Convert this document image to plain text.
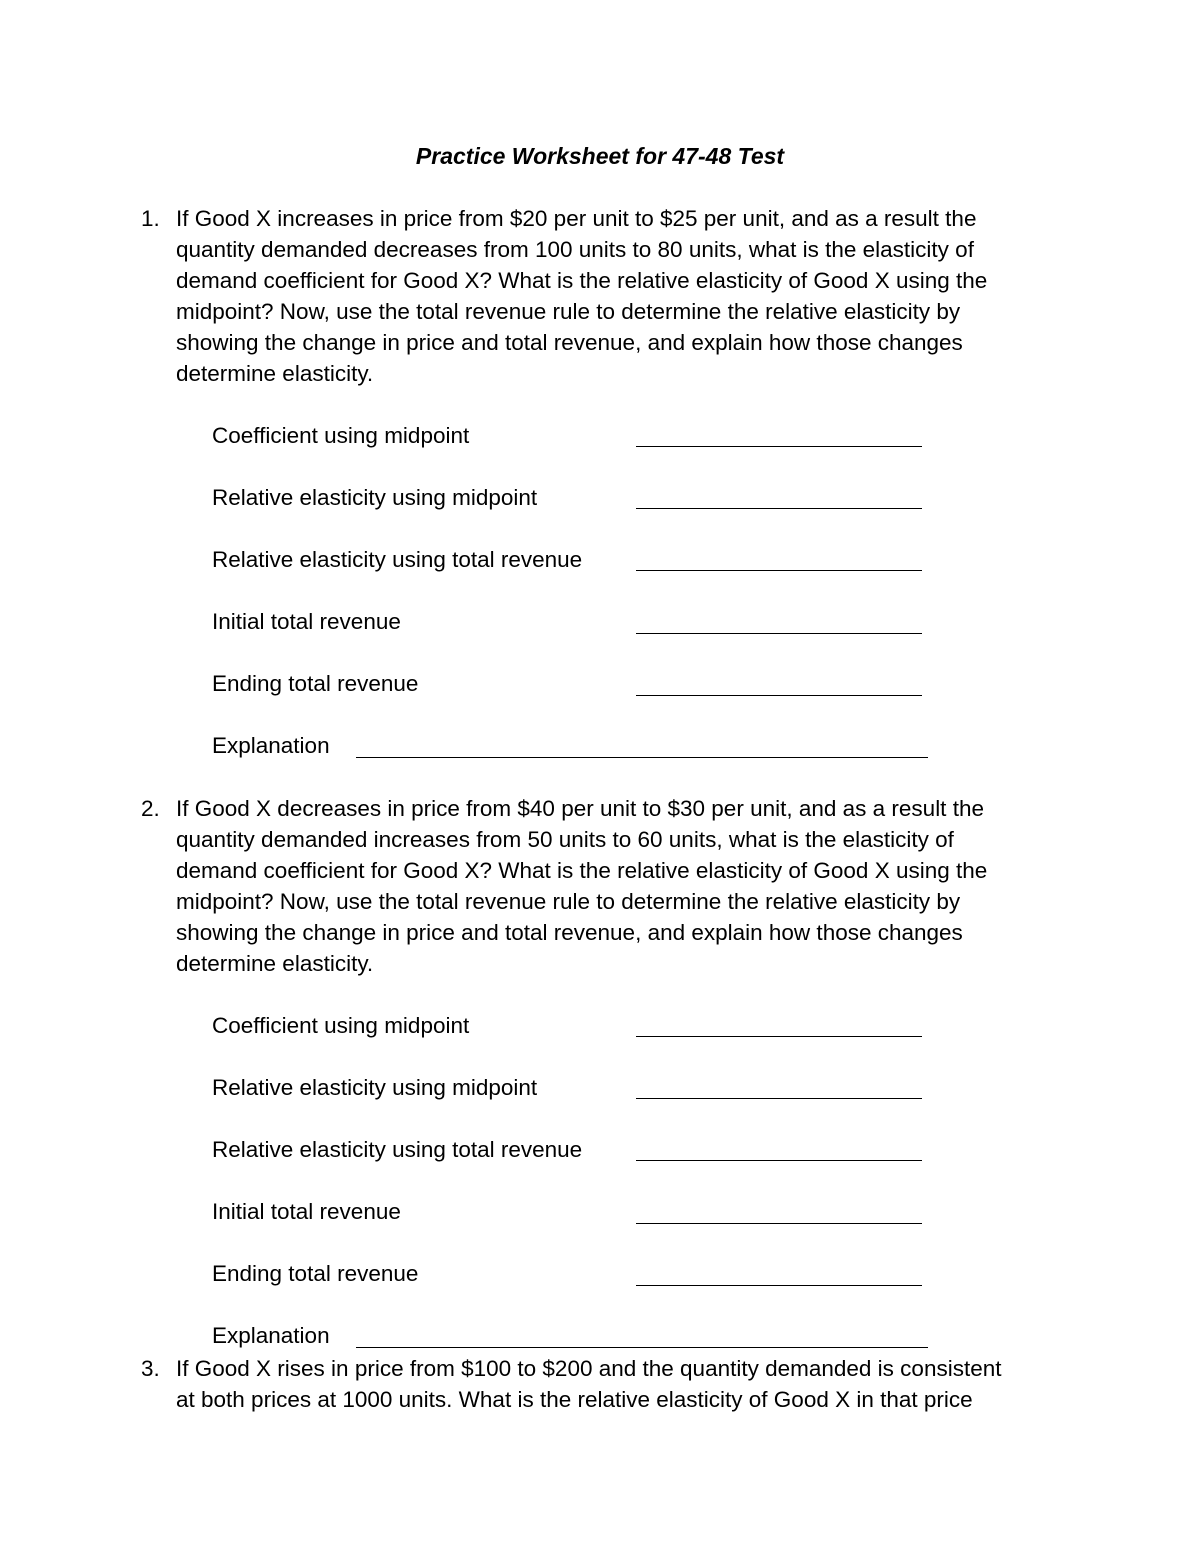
Practice Worksheet for 47-48 Test
1. If Good X increases in price from $20 per unit to $25 per unit, and as a result the
quantity demanded decreases from 100 units to 80 units, what is the elasticity of
demand coefficient for Good X? What is the relative elasticity of Good X using the
midpoint? Now, use the total revenue rule to determine the relative elasticity by
showing the change in price and total revenue, and explain how those changes
determine elasticity.
Coefficient using midpoint
Relative elasticity using midpoint
Relative elasticity using total revenue
Initial total revenue
Ending total revenue
Explanation
2. If Good X decreases in price from $40 per unit to $30 per unit, and as a result the
quantity demanded increases from 50 units to 60 units, what is the elasticity of
demand coefficient for Good X? What is the relative elasticity of Good X using the
midpoint? Now, use the total revenue rule to determine the relative elasticity by
showing the change in price and total revenue, and explain how those changes
determine elasticity.
Coefficient using midpoint
Relative elasticity using midpoint
Relative elasticity using total revenue
Initial total revenue
Ending total revenue
Explanation
3. If Good X rises in price from $100 to $200 and the quantity demanded is consistent
at both prices at 1000 units. What is the relative elasticity of Good X in that price
